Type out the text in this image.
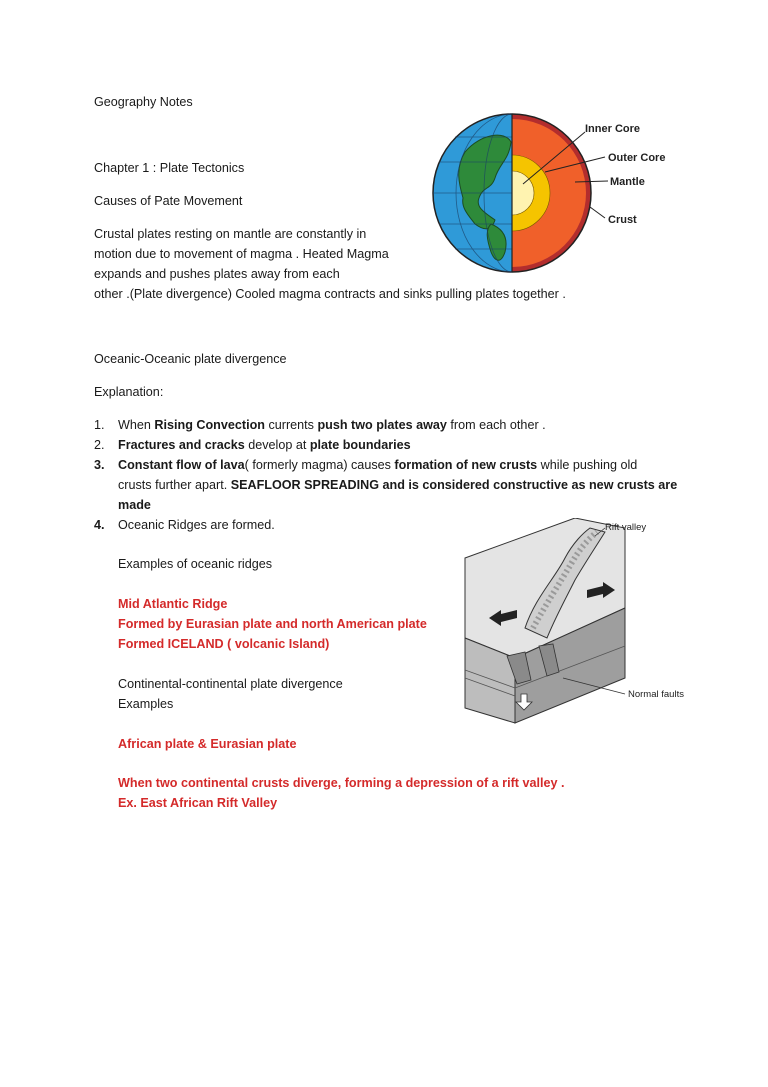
Geography Notes
Chapter 1 : Plate Tectonics
Causes of Pate Movement
Crustal plates resting on mantle are constantly in
motion due to movement of magma . Heated Magma
expands and pushes plates away from each
other .(Plate divergence) Cooled magma contracts and sinks pulling plates together .
Inner Core
Outer Core
Mantle
Crust
Oceanic-Oceanic plate divergence
Explanation:
1. When Rising Convection currents push two plates away from each other .
2. Fractures and cracks develop at plate boundaries
3. Constant flow of lava( formerly magma) causes formation of new crusts while pushing old
crusts further apart. SEAFLOOR SPREADING and is considered constructive as new crusts are
made
4. Oceanic Ridges are formed.
Examples of oceanic ridges
Mid Atlantic Ridge
Formed by Eurasian plate and north American plate
Formed ICELAND ( volcanic Island)
Continental-continental plate divergence
Examples
African plate & Eurasian plate
When two continental crusts diverge, forming a depression of a rift valley .
Ex. East African Rift Valley
Rift valley
Normal faults
